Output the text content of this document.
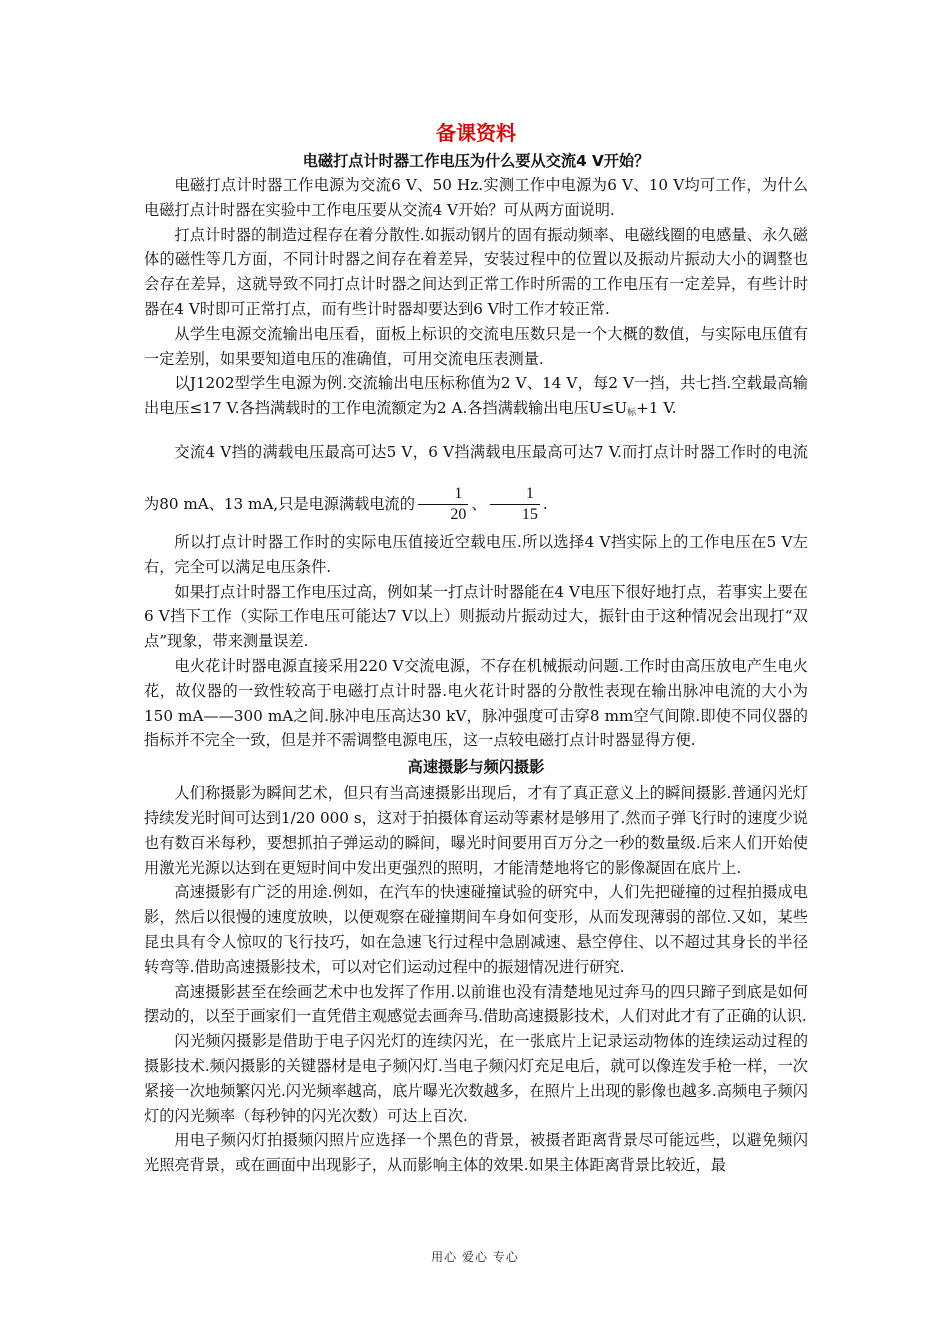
备课资料
电磁打点计时器工作电压为什么要从交流4 V开始？

电磁打点计时器工作电源为交流6 V、50 Hz.实测工作中电源为6 V、10 V均可工作，为什么电磁打点计时器在实验中工作电压要从交流4 V开始？可从两方面说明.

打点计时器的制造过程存在着分散性.如振动钢片的固有振动频率、电磁线圈的电感量、永久磁体的磁性等几方面，不同计时器之间存在着差异，安装过程中的位置以及振动片振动大小的调整也会存在差异，这就导致不同打点计时器之间达到正常工作时所需的工作电压有一定差异，有些计时器在4 V时即可正常打点，而有些计时器却要达到6 V时工作才较正常.

从学生电源交流输出电压看，面板上标识的交流电压数只是一个大概的数值，与实际电压值有一定差别，如果要知道电压的准确值，可用交流电压表测量.

以J1202型学生电源为例.交流输出电压标称值为2 V、14 V，每2 V一挡，共七挡.空载最高输出电压≤17 V.各挡满载时的工作电流额定为2 A.各挡满载输出电压$U\le U_标+1$ V.

交流4 V挡的满载电压最高可达5 V，6 V挡满载电压最高可达7 V.而打点计时器工作时的电流为80 mA、13 mA,只是电源满载电流的 $\frac{1}{20}$ 、 $\frac{1}{15}$ .

所以打点计时器工作时的实际电压值接近空载电压.所以选择4 V挡实际上的工作电压在5 V左右，完全可以满足电压条件.

如果打点计时器工作电压过高，例如某一打点计时器能在4 V电压下很好地打点，若事实上要在6 V挡下工作（实际工作电压可能达7 V以上）则振动片振动过大，振针由于这种情况会出现打“双点”现象，带来测量误差.

电火花计时器电源直接采用220 V交流电源，不存在机械振动问题.工作时由高压放电产生电火花，故仪器的一致性较高于电磁打点计时器.电火花计时器的分散性表现在输出脉冲电流的大小为150 mA——300 mA之间.脉冲电压高达30 kV，脉冲强度可击穿8 mm空气间隙.即使不同仪器的指标并不完全一致，但是并不需调整电源电压，这一点较电磁打点计时器显得方便.

高速摄影与频闪摄影

人们称摄影为瞬间艺术，但只有当高速摄影出现后，才有了真正意义上的瞬间摄影.普通闪光灯持续发光时间可达到1/20 000 s，这对于拍摄体育运动等素材是够用了.然而子弹飞行时的速度少说也有数百米每秒，要想抓拍子弹运动的瞬间，曝光时间要用百万分之一秒的数量级.后来人们开始使用激光光源以达到在更短时间中发出更强烈的照明，才能清楚地将它的影像凝固在底片上.

高速摄影有广泛的用途.例如，在汽车的快速碰撞试验的研究中，人们先把碰撞的过程拍摄成电影，然后以很慢的速度放映，以便观察在碰撞期间车身如何变形，从而发现薄弱的部位.又如，某些昆虫具有令人惊叹的飞行技巧，如在急速飞行过程中急剧减速、悬空停住、以不超过其身长的半径转弯等.借助高速摄影技术，可以对它们运动过程中的振翅情况进行研究.

高速摄影甚至在绘画艺术中也发挥了作用.以前谁也没有清楚地见过奔马的四只蹄子到底是如何摆动的，以至于画家们一直凭借主观感觉去画奔马.借助高速摄影技术，人们对此才有了正确的认识.

闪光频闪摄影是借助于电子闪光灯的连续闪光，在一张底片上记录运动物体的连续运动过程的摄影技术.频闪摄影的关键器材是电子频闪灯.当电子频闪灯充足电后，就可以像连发手枪一样，一次紧接一次地频繁闪光.闪光频率越高，底片曝光次数越多，在照片上出现的影像也越多.高频电子频闪灯的闪光频率（每秒钟的闪光次数）可达上百次.

用电子频闪灯拍摄频闪照片应选择一个黑色的背景，被摄者距离背景尽可能远些，以避免频闪光照亮背景，或在画面中出现影子，从而影响主体的效果.如果主体距离背景比较近，最

用心 爱心 专心
